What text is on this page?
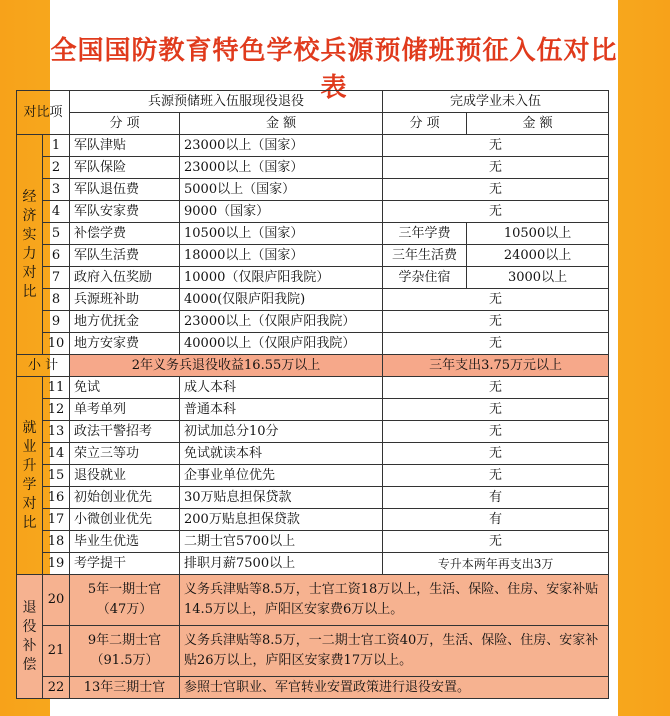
全国国防教育特色学校兵源预储班预征入伍对比表
对比项		兵源预储班入伍服现役退役		完成学业未入伍	
		分 项	金 额	分 项	金 额
经济实力对比	1	军队津贴	23000以上（国家）	无	
	2	军队保险	23000以上（国家）	无	
	3	军队退伍费	5000以上（国家）	无	
	4	军队安家费	9000（国家）	无	
	5	补偿学费	10500以上（国家）	三年学费	10500以上
	6	军队生活费	18000以上（国家）	三年生活费	24000以上
	7	政府入伍奖励	10000（仅限庐阳我院）	学杂住宿	3000以上
	8	兵源班补助	4000(仅限庐阳我院)	无	
	9	地方优抚金	23000以上（仅限庐阳我院）	无	
	10	地方安家费	40000以上（仅限庐阳我院）	无	
小 计		2年义务兵退役收益16.55万以上		三年支出3.75万元以上	
就业升学对比	11	免试	成人本科	无	
	12	单考单列	普通本科	无	
	13	政法干警招考	初试加总分10分	无	
	14	荣立三等功	免试就读本科	无	
	15	退役就业	企事业单位优先	无	
	16	初始创业优先	30万贴息担保贷款	有	
	17	小微创业优先	200万贴息担保贷款	有	
	18	毕业生优选	二期士官5700以上	无	
	19	考学提干	排职月薪7500以上	专升本两年再支出3万	
退役补偿	20	5年一期士官（47万）	义务兵津贴等8.5万，士官工资18万以上，生活、保险、住房、安家补贴14.5万以上，庐阳区安家费6万以上。		
	21	9年二期士官（91.5万）	义务兵津贴等8.5万，一二期士官工资40万，生活、保险、住房、安家补贴26万以上，庐阳区安家费17万以上。		
	22	13年三期士官	参照士官职业、军官转业安置政策进行退役安置。		
